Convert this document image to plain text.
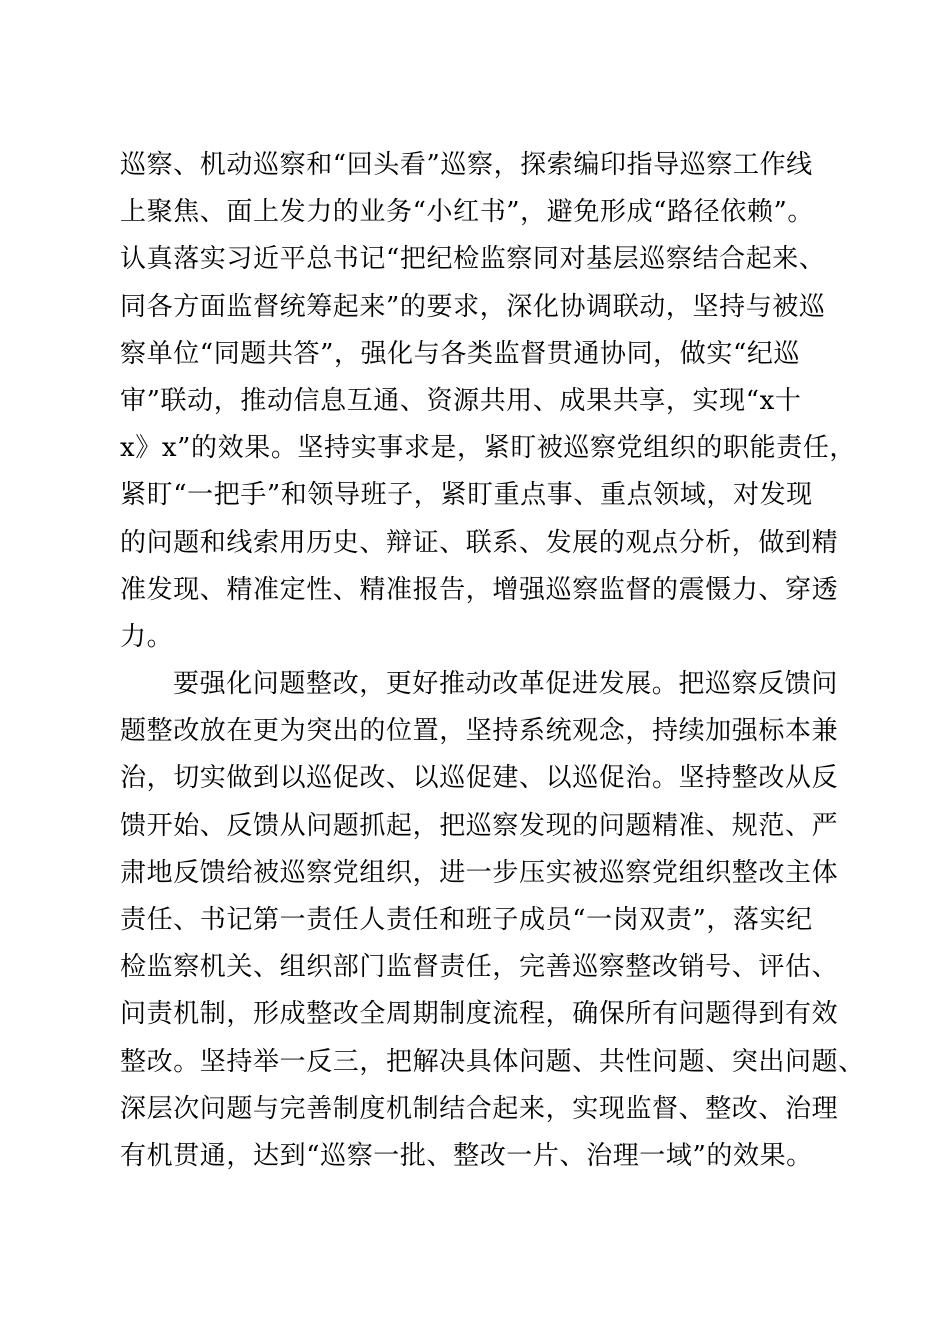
巡察、机动巡察和“回头看”巡察，探索编印指导巡察工作线
上聚焦、面上发力的业务“小红书”，避免形成“路径依赖”。
认真落实习近平总书记“把纪检监察同对基层巡察结合起来、
同各方面监督统筹起来”的要求，深化协调联动，坚持与被巡
察单位“同题共答”，强化与各类监督贯通协同，做实“纪巡
审”联动，推动信息互通、资源共用、成果共享，实现“x十
x》x”的效果。坚持实事求是，紧盯被巡察党组织的职能责任，
紧盯“一把手”和领导班子，紧盯重点事、重点领域，对发现
的问题和线索用历史、辩证、联系、发展的观点分析，做到精
准发现、精准定性、精准报告，增强巡察监督的震慑力、穿透
力。
要强化问题整改，更好推动改革促进发展。把巡察反馈问
题整改放在更为突出的位置，坚持系统观念，持续加强标本兼
治，切实做到以巡促改、以巡促建、以巡促治。坚持整改从反
馈开始、反馈从问题抓起，把巡察发现的问题精准、规范、严
肃地反馈给被巡察党组织，进一步压实被巡察党组织整改主体
责任、书记第一责任人责任和班子成员“一岗双责”，落实纪
检监察机关、组织部门监督责任，完善巡察整改销号、评估、
问责机制，形成整改全周期制度流程，确保所有问题得到有效
整改。坚持举一反三，把解决具体问题、共性问题、突出问题、
深层次问题与完善制度机制结合起来，实现监督、整改、治理
有机贯通，达到“巡察一批、整改一片、治理一域”的效果。
